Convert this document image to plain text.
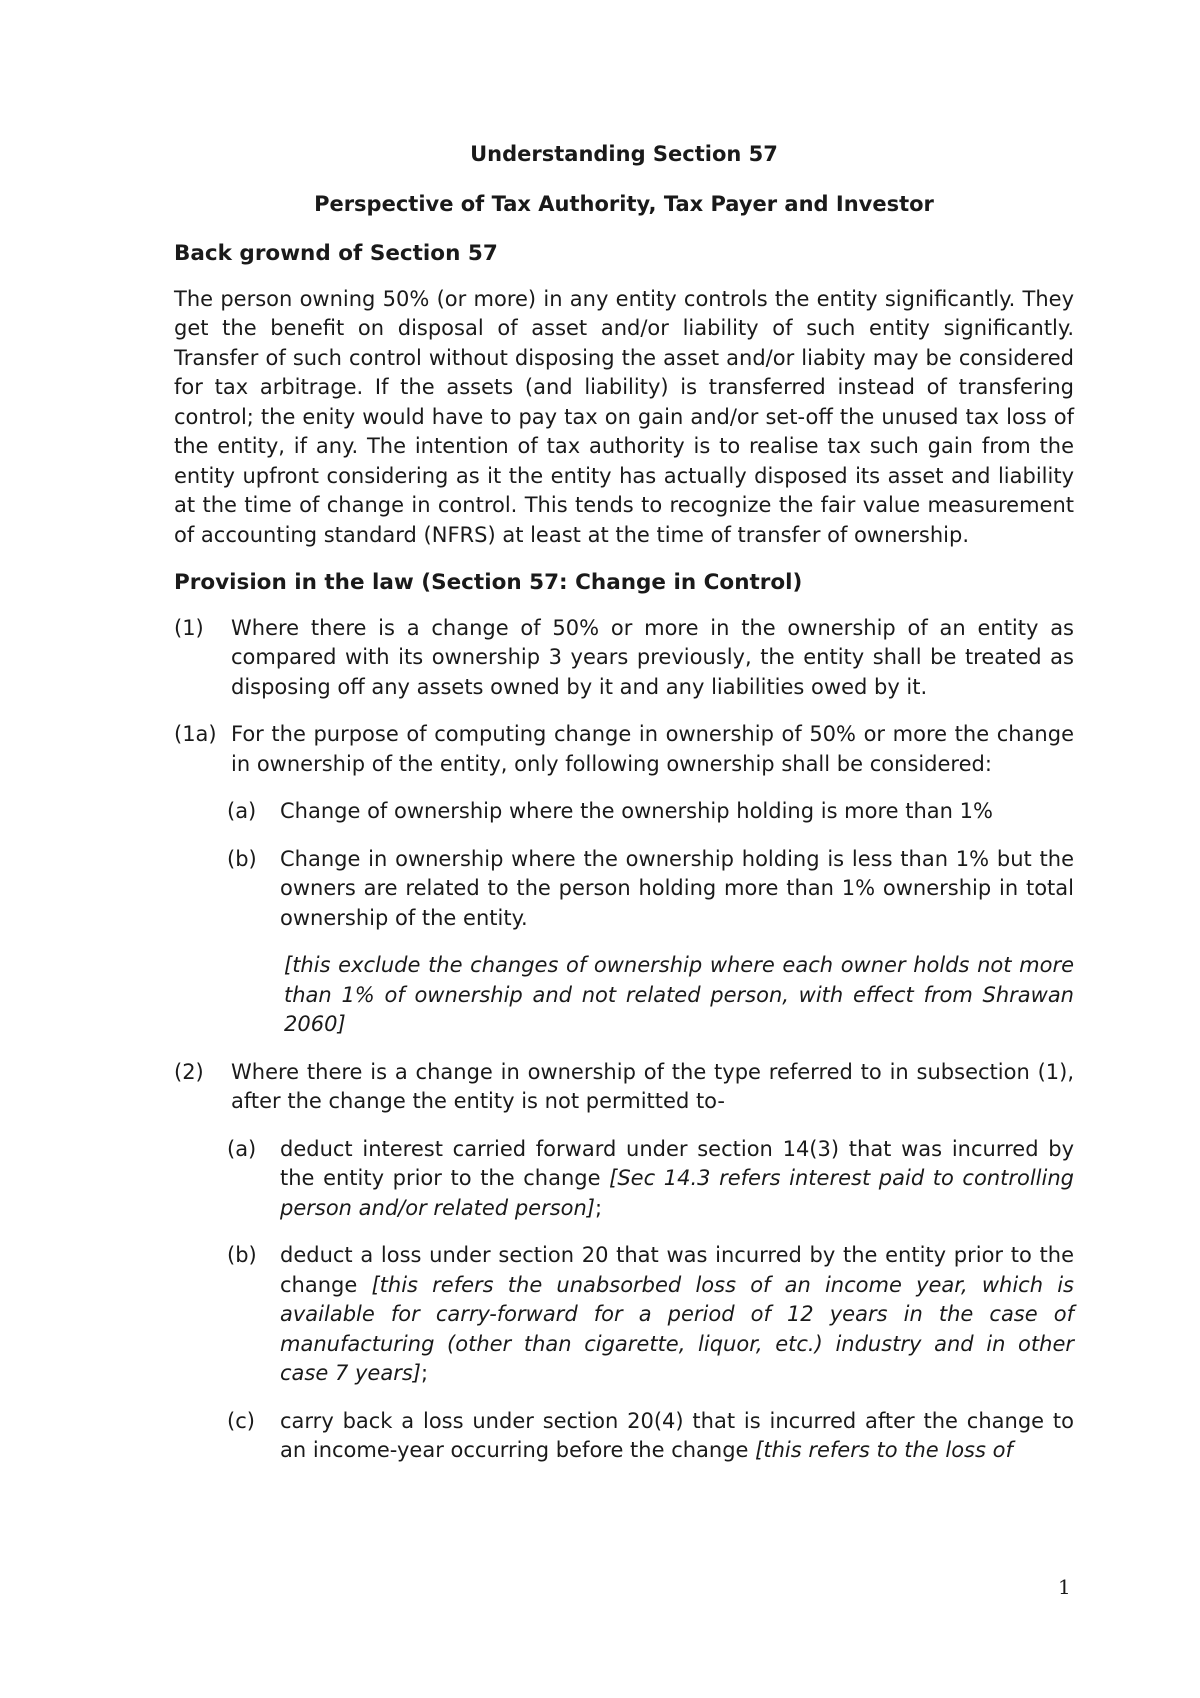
Understanding Section 57

Perspective of Tax Authority, Tax Payer and Investor

Back grownd of Section 57

The person owning 50% (or more) in any entity controls the entity significantly. They get the benefit on disposal of asset and/or liability of such entity significantly. Transfer of such control without disposing the asset and/or liabity may be considered for tax arbitrage. If the assets (and liability) is transferred instead of transfering control; the enity would have to pay tax on gain and/or set-off the unused tax loss of the entity, if any. The intention of tax authority is to realise tax such gain from the entity upfront considering as it the entity has actually disposed its asset and liability at the time of change in control. This tends to recognize the fair value measurement of accounting standard (NFRS) at least at the time of transfer of ownership.

Provision in the law (Section 57: Change in Control)

(1)	Where there is a change of 50% or more in the ownership of an entity as compared with its ownership 3 years previously, the entity shall be treated as disposing off any assets owned by it and any liabilities owed by it.
(1a) For the purpose of computing change in ownership of 50% or more the change in ownership of the entity, only following ownership shall be considered:
(a)	Change of ownership where the ownership holding is more than 1%
(b)	Change in ownership where the ownership holding is less than 1% but the owners are related to the person holding more than 1% ownership in total ownership of the entity.

[this exclude the changes of ownership where each owner holds not more than 1% of ownership and not related person, with effect from Shrawan 2060]

(2)	Where there is a change in ownership of the type referred to in subsection (1), after the change the entity is not permitted to-
(a)	deduct interest carried forward under section 14(3) that was incurred by the entity prior to the change [Sec 14.3 refers interest paid to controlling person and/or related person];
(b)	deduct a loss under section 20 that was incurred by the entity prior to the change [this refers the unabsorbed loss of an income year, which is available for carry-forward for a period of 12 years in the case of manufacturing (other than cigarette, liquor, etc.) industry and in other case 7 years];
(c)	carry back a loss under section 20(4) that is incurred after the change to an income-year occurring before the change [this refers to the loss of
1
